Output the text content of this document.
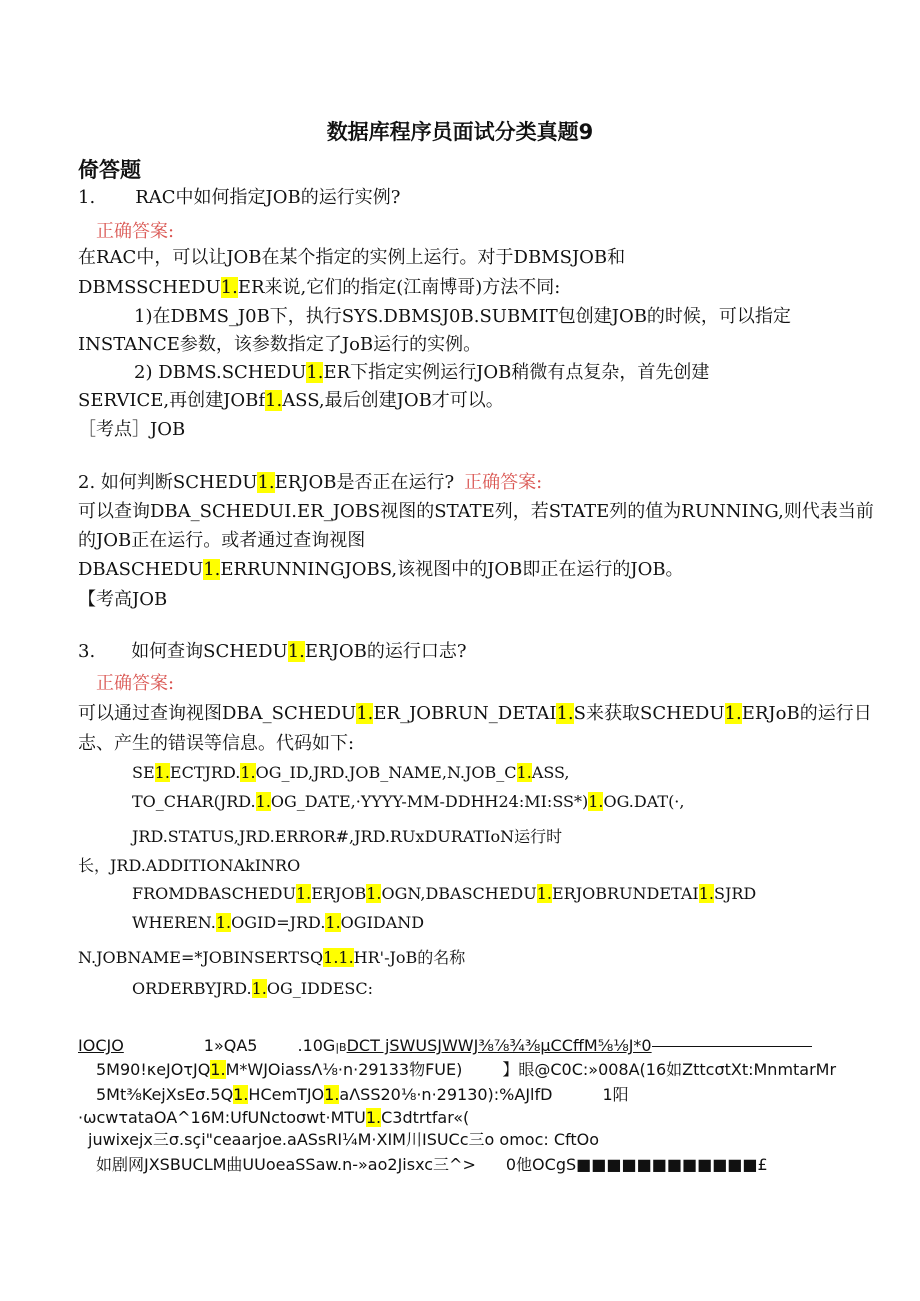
数据库程序员面试分类真题9
倚答题
1. RAC中如何指定JOB的运行实例?
正确答案:
在RAC中，可以让JOB在某个指定的实例上运行。对于DBMSJOB和
DBMSSCHEDU1.ER来说,它们的指定(江南博哥)方法不同:
1)在DBMS_J0B下，执行SYS.DBMSJ0B.SUBMIT包创建JOB的时候，可以指定
INSTANCE参数，该参数指定了JoB运行的实例。
2) DBMS.SCHEDU1.ER下指定实例运行JOB稍微有点复杂，首先创建
SERVICE,再创建JOBf1.ASS,最后创建JOB才可以。
［考点］JOB
2. 如何判断SCHEDU1.ERJOB是否正在运行? 正确答案:
可以查询DBA_SCHEDUI.ER_JOBS视图的STATE列，若STATE列的值为RUNNING,则代表当前
的JOB正在运行。或者通过查询视图
DBASCHEDU1.ERRUNNINGJOBS,该视图中的JOB即正在运行的JOB。
【考高JOB
3. 如何查询SCHEDU1.ERJOB的运行口志?
正确答案:
可以通过查询视图DBA_SCHEDU1.ER_JOBRUN_DETAI1.S来获取SCHEDU1.ERJoB的运行日
志、产生的错误等信息。代码如下:
SE1.ECTJRD.1.OG_ID,JRD.JOB_NAME,N.JOB_C1.ASS,
TO_CHAR(JRD.1.OG_DATE,·YYYY-MM-DDHH24:MI:SS*)1.OG.DAT(·,
JRD.STATUS,JRD.ERROR#,JRD.RUxDURATIoN运行时
长，JRD.ADDITIONAkINRO
FROMDBASCHEDU1.ERJOB1.OGN,DBASCHEDU1.ERJOBRUNDETAI1.SJRD
WHEREN.1.OGID=JRD.1.OGIDAND
N.JOBNAME=*JOBINSERTSQ1.1.HR'-JoB的名称
ORDERBYJRD.1.OG_IDDESC:
IOCJO	1»QA5	.10G|BDCT jSWUSJWWJ⅜⅞¾⅜μCCffM⅝⅛J*0
5M90!κeJOτJQ1.M*WJOiassΛ⅛·n·29133物FUE)	】眼@C0C:»008A(16如ZttcσtXt:MnmtarMr
5Mt⅜KejXsEσ.5Q1.HCemTJO1.aΛSS20⅛·n·29130):%AJlfD	1阳
·ωcwτataOA^16M:UfUNctoσwt·MTU1.C3dtrtfar«(
juwixejx三σ.sçi"ceaarjoe.aASsRI¼M·XIM川ISUCc三o omoc: CftOo
如剧网JXSBUCLM曲UUoeaSSaw.n-»ao2Jisxc三^> 0他OCgS■■■■■■■■■■■■£
